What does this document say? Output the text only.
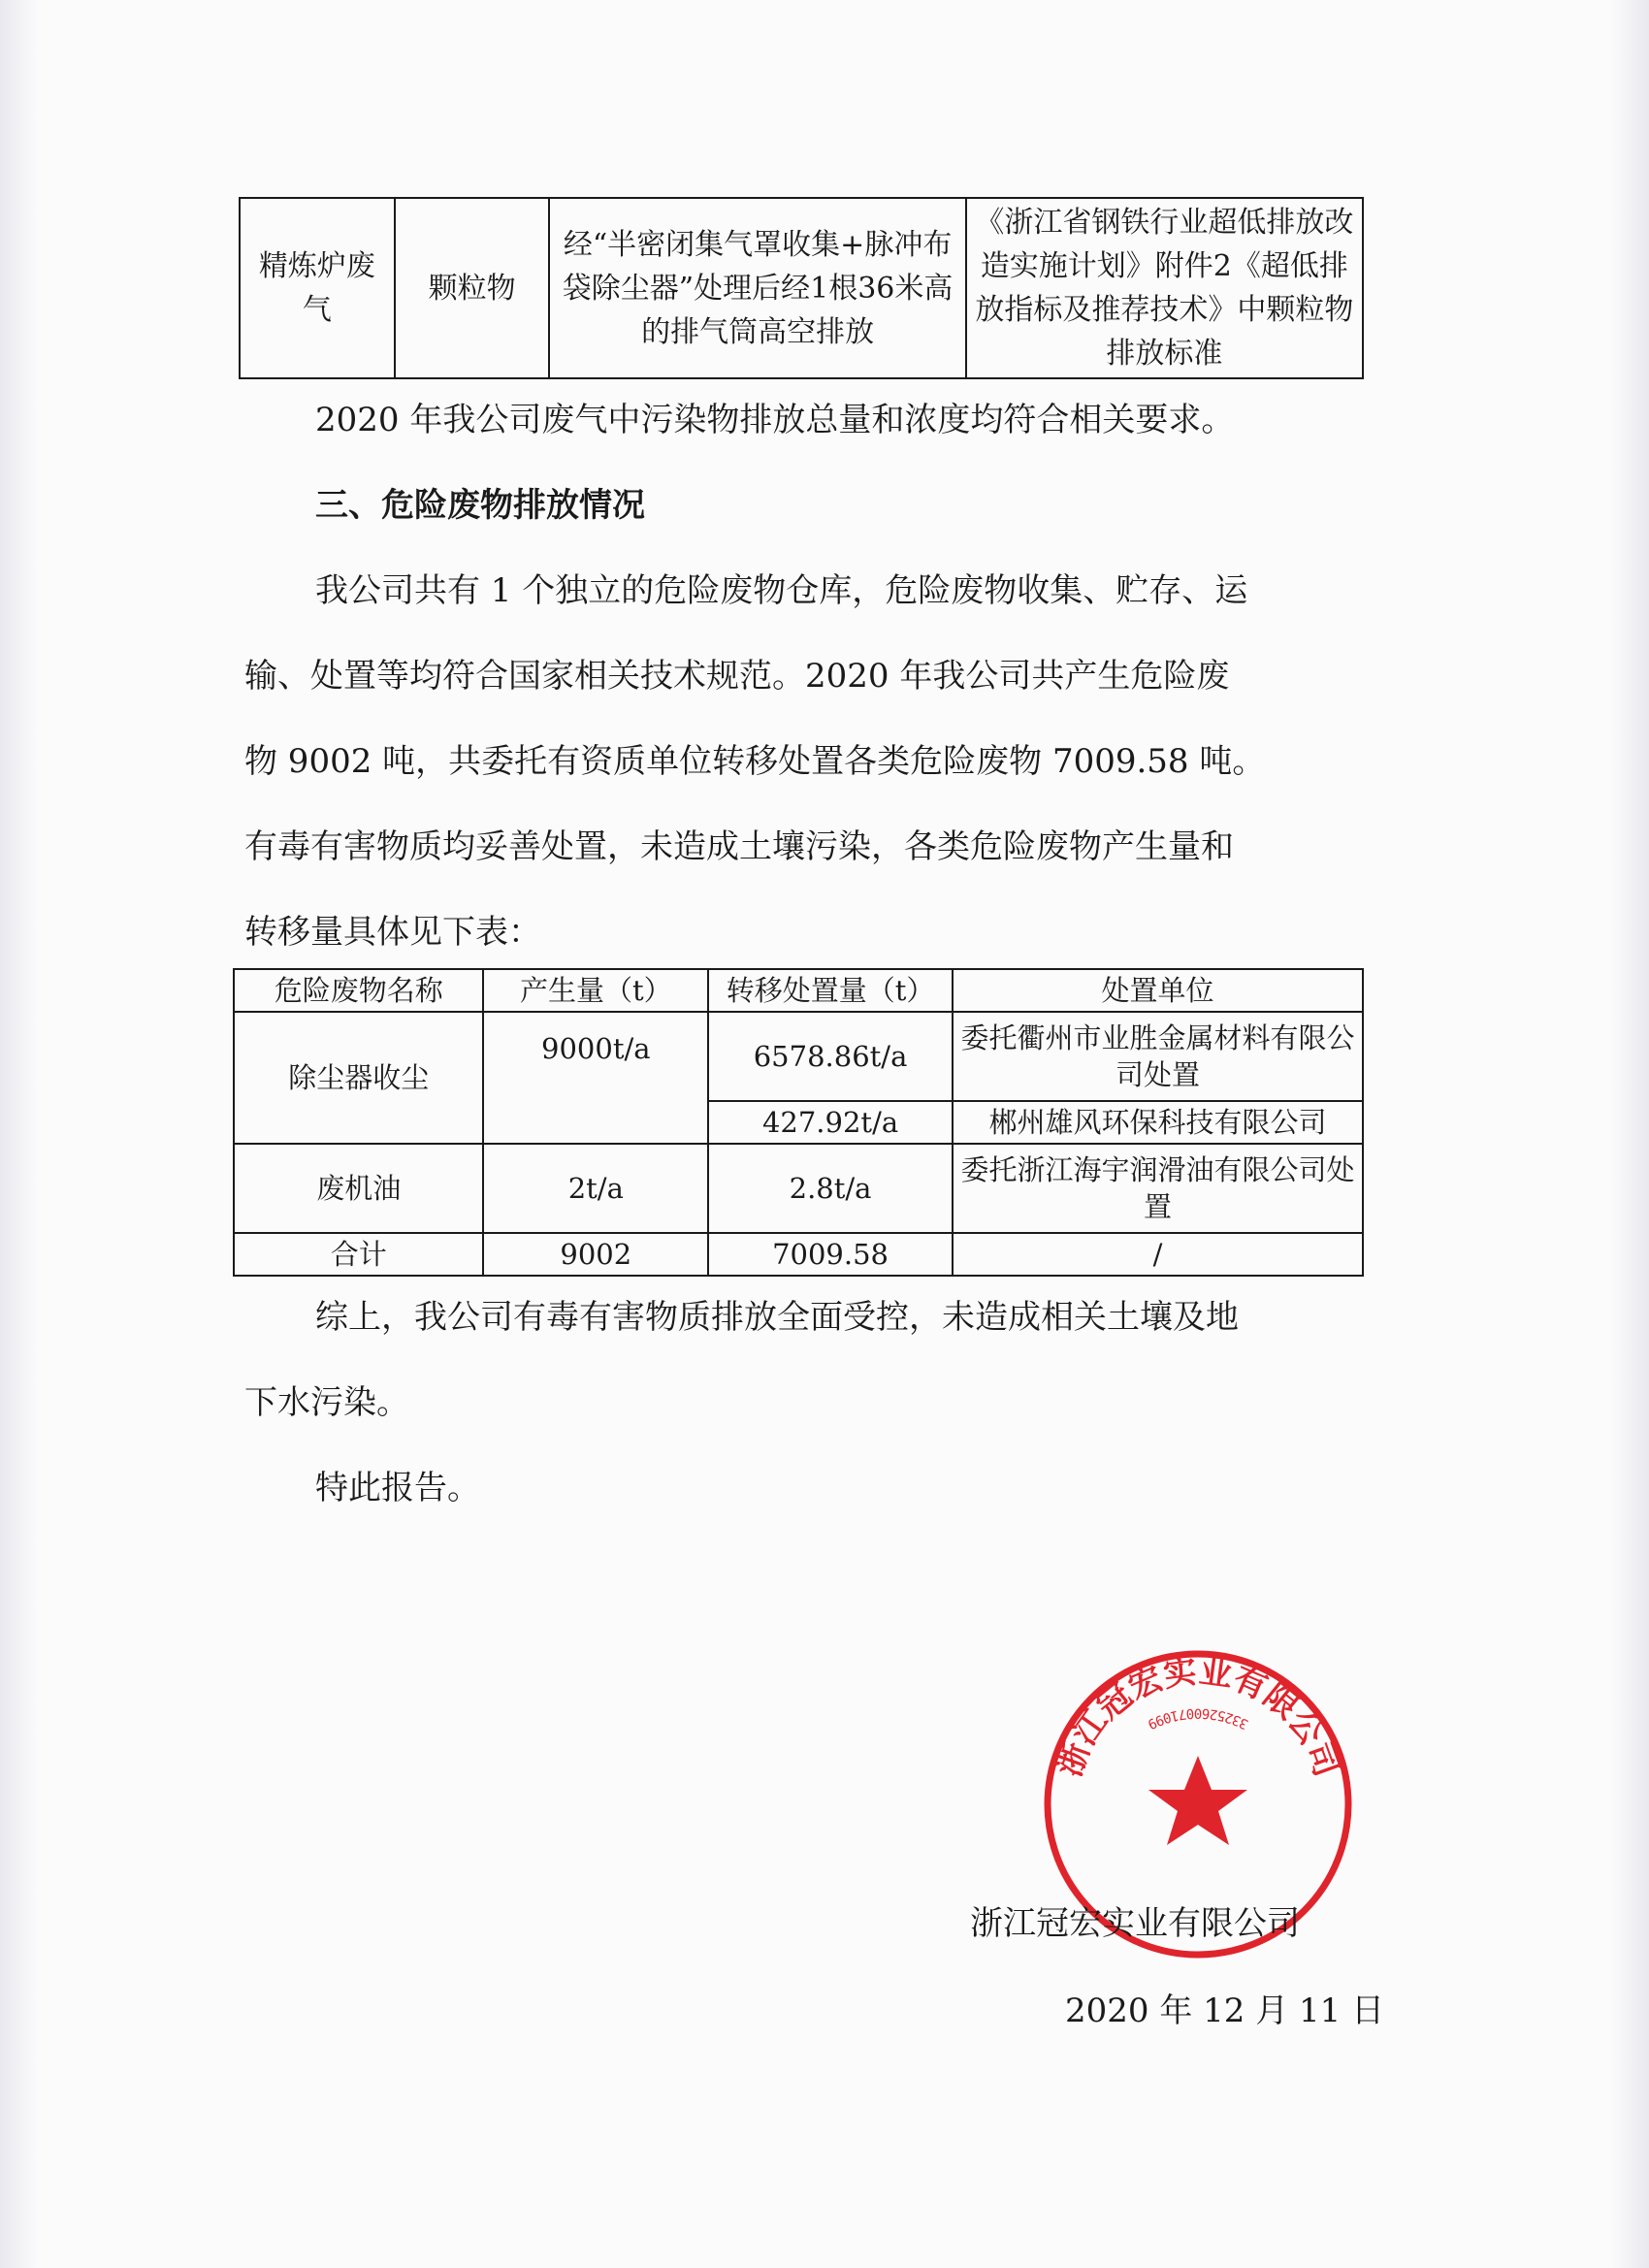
精炼炉废气	颗粒物	经“半密闭集气罩收集+脉冲布袋除尘器”处理后经1根36米高的排气筒高空排放	《浙江省钢铁行业超低排放改造实施计划》附件2《超低排放指标及推荐技术》中颗粒物排放标准
2020 年我公司废气中污染物排放总量和浓度均符合相关要求。
三、危险废物排放情况
我公司共有 1 个独立的危险废物仓库，危险废物收集、贮存、运
输、处置等均符合国家相关技术规范。2020 年我公司共产生危险废
物 9002 吨，共委托有资质单位转移处置各类危险废物 7009.58 吨。
有毒有害物质均妥善处置，未造成土壤污染，各类危险废物产生量和
转移量具体见下表：
危险废物名称	产生量（t）	转移处置量（t）	处置单位
除尘器收尘	9000t/a	6578.86t/a	委托衢州市业胜金属材料有限公司处置
		427.92t/a	郴州雄风环保科技有限公司
废机油	2t/a	2.8t/a	委托浙江海宇润滑油有限公司处置
合计	9002	7009.58	/
综上，我公司有毒有害物质排放全面受控，未造成相关土壤及地
下水污染。
特此报告。
浙江冠宏实业有限公司
3325260071099
浙江冠宏实业有限公司
2020 年 12 月 11 日
